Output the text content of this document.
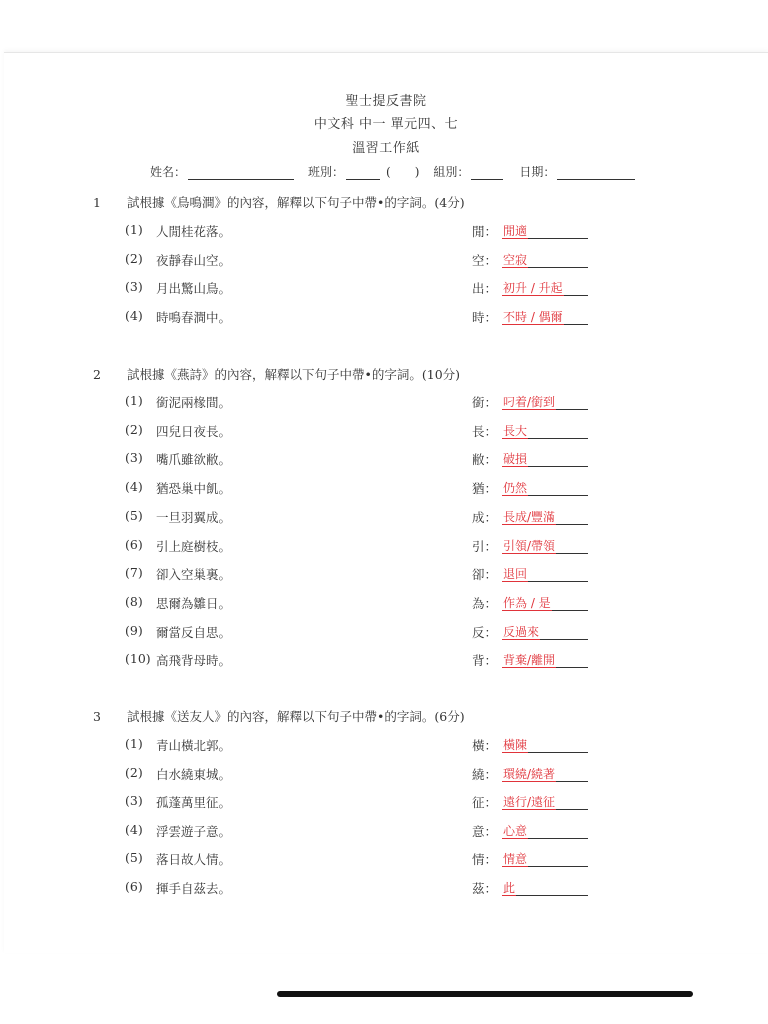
聖士提反書院
中文科 中一 單元四、七
溫習工作紙
姓名：	班別：	(　　) 組別：	日期：
1 試根據《鳥鳴澗》的內容，解釋以下句子中帶•的字詞。(4分)
(1) 人閒桂花落。	閒： 閒適
(2) 夜靜春山空。	空： 空寂
(3) 月出驚山鳥。	出： 初升 / 升起
(4) 時鳴春澗中。	時： 不時 / 偶爾
2 試根據《燕詩》的內容，解釋以下句子中帶•的字詞。(10分)
(1) 銜泥兩椽間。	銜： 叼着/銜到
(2) 四兒日夜長。	長： 長大
(3) 嘴爪雖欲敝。	敝： 破損
(4) 猶恐巢中飢。	猶： 仍然
(5) 一旦羽翼成。	成： 長成/豐滿
(6) 引上庭樹枝。	引： 引領/帶領
(7) 卻入空巢裏。	卻： 退回
(8) 思爾為雛日。	為： 作為 / 是
(9) 爾當反自思。	反： 反過來
(10) 高飛背母時。	背： 背棄/離開
3 試根據《送友人》的內容，解釋以下句子中帶•的字詞。(6分)
(1) 青山橫北郭。	橫： 橫陳
(2) 白水繞東城。	繞： 環繞/繞著
(3) 孤蓬萬里征。	征： 遠行/遠征
(4) 浮雲遊子意。	意： 心意
(5) 落日故人情。	情： 情意
(6) 揮手自茲去。	茲： 此
